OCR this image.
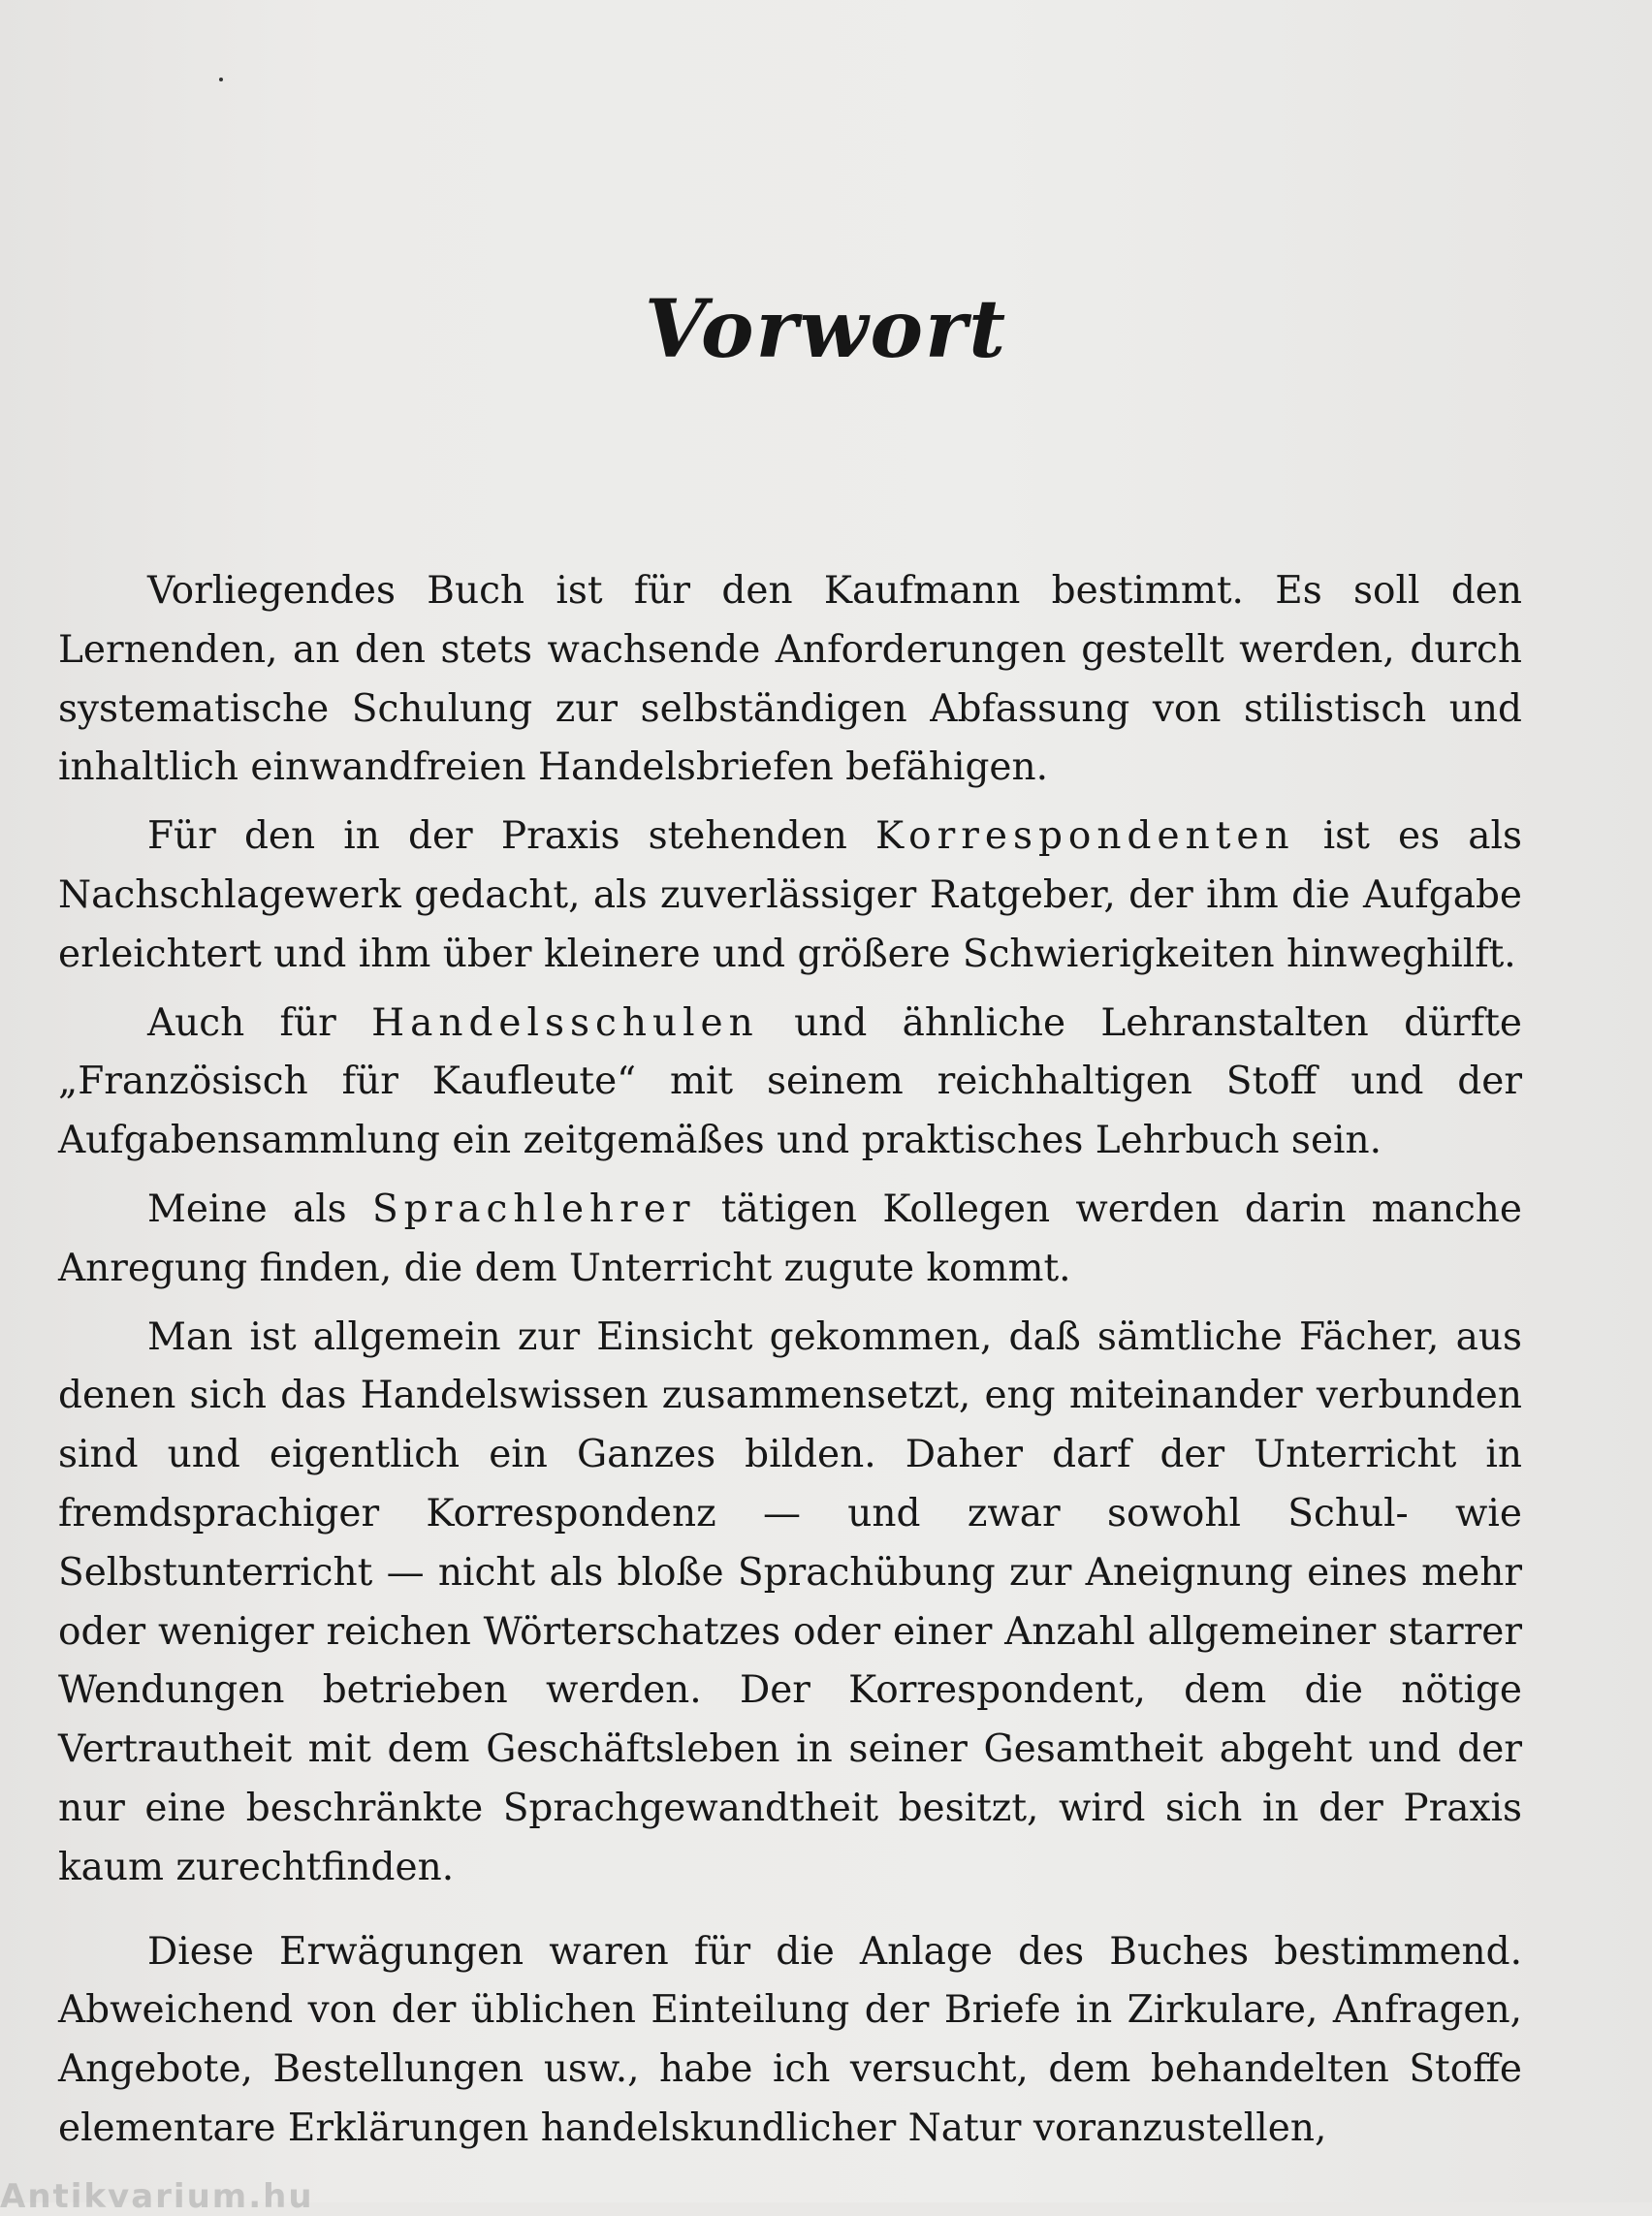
Vorwort

Vorliegendes Buch ist für den Kaufmann bestimmt. Es soll den Lernenden, an den stets wachsende Anforderungen gestellt werden, durch systematische Schulung zur selbständigen Abfassung von stilistisch und inhaltlich einwandfreien Handelsbriefen befähigen.

Für den in der Praxis stehenden Korrespondenten ist es als Nachschlagewerk gedacht, als zuverlässiger Ratgeber, der ihm die Aufgabe erleichtert und ihm über kleinere und größere Schwierigkeiten hinweghilft.

Auch für Handelsschulen und ähnliche Lehranstalten dürfte „Französisch für Kaufleute“ mit seinem reichhaltigen Stoff und der Aufgabensammlung ein zeitgemäßes und praktisches Lehrbuch sein.

Meine als Sprachlehrer tätigen Kollegen werden darin manche Anregung finden, die dem Unterricht zugute kommt.

Man ist allgemein zur Einsicht gekommen, daß sämtliche Fächer, aus denen sich das Handelswissen zusammensetzt, eng miteinander verbunden sind und eigentlich ein Ganzes bilden. Daher darf der Unterricht in fremdsprachiger Korrespondenz — und zwar sowohl Schul- wie Selbstunterricht — nicht als bloße Sprachübung zur Aneignung eines mehr oder weniger reichen Wörterschatzes oder einer Anzahl allgemeiner starrer Wendungen betrieben werden. Der Korrespondent, dem die nötige Vertrautheit mit dem Geschäftsleben in seiner Gesamtheit abgeht und der nur eine beschränkte Sprachgewandtheit besitzt, wird sich in der Praxis kaum zurechtfinden.

Diese Erwägungen waren für die Anlage des Buches bestimmend. Abweichend von der üblichen Einteilung der Briefe in Zirkulare, Anfragen, Angebote, Bestellungen usw., habe ich versucht, dem behandelten Stoffe elementare Erklärungen handelskundlicher Natur voranzustellen,

Antikvarium.hu
